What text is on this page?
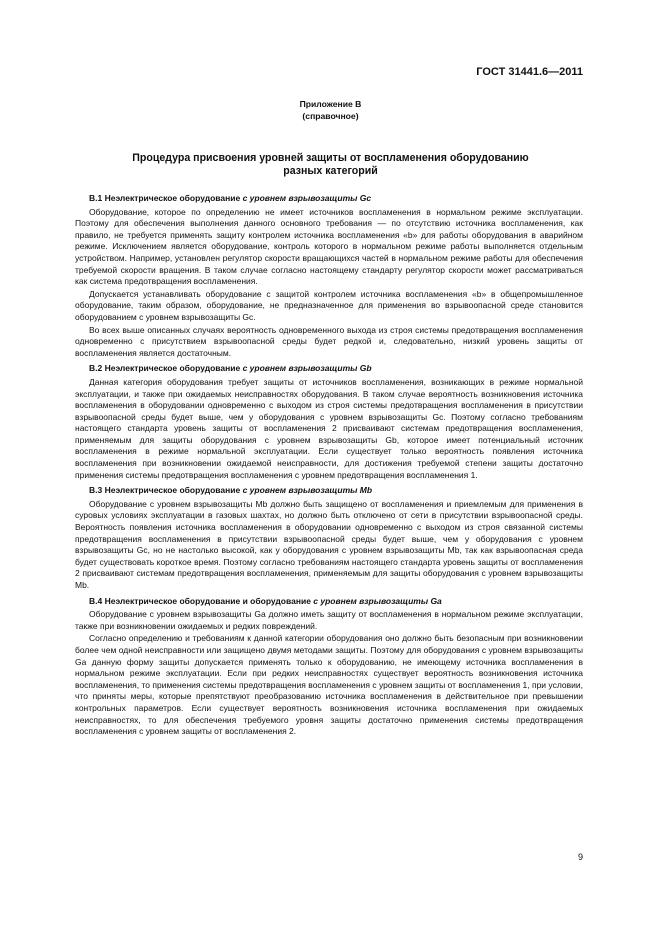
ГОСТ 31441.6—2011
Приложение В
(справочное)
Процедура присвоения уровней защиты от воспламенения оборудованию
разных категорий
В.1 Неэлектрическое оборудование с уровнем взрывозащиты Gc

Оборудование, которое по определению не имеет источников воспламенения в нормальном режиме эксплуатации. Поэтому для обеспечения выполнения данного основного требования — по отсутствию источника воспламенения, как правило, не требуется применять защиту контролем источника воспламенения «b» для работы оборудования в аварийном режиме. Исключением является оборудование, контроль которого в нормальном режиме работы выполняется отдельным устройством. Например, установлен регулятор скорости вращающихся частей в нормальном режиме работы для обеспечения требуемой скорости вращения. В таком случае согласно настоящему стандарту регулятор скорости может рассматриваться как система предотвращения воспламенения.

Допускается устанавливать оборудование с защитой контролем источника воспламенения «b» в общепромышленное оборудование, таким образом, оборудование, не предназначенное для применения во взрывоопасной среде становится оборудованием с уровнем взрывозащиты Gc.

Во всех выше описанных случаях вероятность одновременного выхода из строя системы предотвращения воспламенения одновременно с присутствием взрывоопасной среды будет редкой и, следовательно, низкий уровень защиты от воспламенения является достаточным.

В.2 Неэлектрическое оборудование с уровнем взрывозащиты Gb

Данная категория оборудования требует защиты от источников воспламенения, возникающих в режиме нормальной эксплуатации, и также при ожидаемых неисправностях оборудования. В таком случае вероятность возникновения источника воспламенения в оборудовании одновременно с выходом из строя системы предотвращения воспламенения в присутствии взрывоопасной среды будет выше, чем у оборудования с уровнем взрывозащиты Gc. Поэтому согласно требованиям настоящего стандарта уровень защиты от воспламенения 2 присваивают системам предотвращения воспламенения, применяемым для защиты оборудования с уровнем взрывозащиты Gb, которое имеет потенциальный источник воспламенения в режиме нормальной эксплуатации. Если существует только вероятность появления источника воспламенения при возникновении ожидаемой неисправности, для достижения требуемой степени защиты достаточно применения системы предотвращения воспламенения с уровнем предотвращения воспламенения 1.

В.3 Неэлектрическое оборудование с уровнем взрывозащиты Mb

Оборудование с уровнем взрывозащиты Mb должно быть защищено от воспламенения и приемлемым для применения в суровых условиях эксплуатации в газовых шахтах, но должно быть отключено от сети в присутствии взрывоопасной среды. Вероятность появления источника воспламенения в оборудовании одновременно с выходом из строя связанной системы предотвращения воспламенения в присутствии взрывоопасной среды будет выше, чем у оборудования с уровнем взрывозащиты Gc, но не настолько высокой, как у оборудования с уровнем взрывозащиты Mb, так как взрывоопасная среда будет существовать короткое время. Поэтому согласно требованиям настоящего стандарта уровень защиты от воспламенения 2 присваивают системам предотвращения воспламенения, применяемым для защиты оборудования с уровнем взрывозащиты Mb.

В.4 Неэлектрическое оборудование и оборудование с уровнем взрывозащиты Ga

Оборудование с уровнем взрывозащиты Ga должно иметь защиту от воспламенения в нормальном режиме эксплуатации, также при возникновении ожидаемых и редких повреждений.

Согласно определению и требованиям к данной категории оборудования оно должно быть безопасным при возникновении более чем одной неисправности или защищено двумя методами защиты. Поэтому для оборудования с уровнем взрывозащиты Ga данную форму защиты допускается применять только к оборудованию, не имеющему источника воспламенения в нормальном режиме эксплуатации. Если при редких неисправностях существует вероятность возникновения источника воспламенения, то применения системы предотвращения воспламенения с уровнем защиты от воспламенения 1, при условии, что приняты меры, которые препятствуют преобразованию источника воспламенения в действительное при превышении контрольных параметров. Если существует вероятность возникновения источника воспламенения при ожидаемых неисправностях, то для обеспечения требуемого уровня защиты достаточно применения системы предотвращения воспламенения с уровнем защиты от воспламенения 2.

9
